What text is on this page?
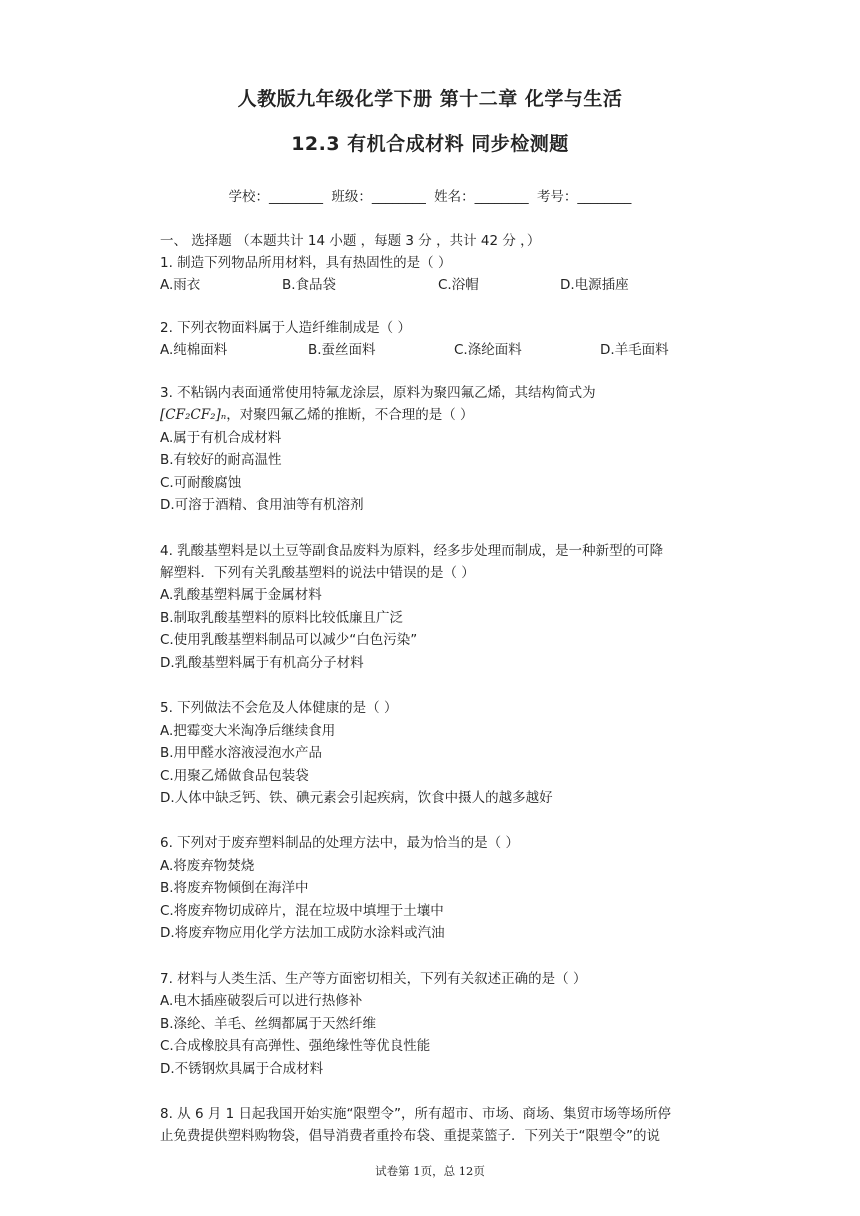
人教版九年级化学下册 第十二章 化学与生活
12.3 有机合成材料 同步检测题
学校：________ 班级：________ 姓名：________ 考号：________
一、 选择题 （本题共计 14 小题 ，每题 3 分 ，共计 42 分 ，）
1. 制造下列物品所用材料，具有热固性的是（ ）
A.雨衣	B.食品袋	C.浴帽	D.电源插座
2. 下列衣物面料属于人造纤维制成是（ ）
A.纯棉面料	B.蚕丝面料	C.涤纶面料	D.羊毛面料
3. 不粘锅内表面通常使用特氟龙涂层，原料为聚四氟乙烯，其结构简式为
[CF₂CF₂]ₙ，对聚四氟乙烯的推断，不合理的是（ ）
A.属于有机合成材料
B.有较好的耐高温性
C.可耐酸腐蚀
D.可溶于酒精、食用油等有机溶剂
4. 乳酸基塑料是以土豆等副食品废料为原料，经多步处理而制成，是一种新型的可降
解塑料．下列有关乳酸基塑料的说法中错误的是（ ）
A.乳酸基塑料属于金属材料
B.制取乳酸基塑料的原料比较低廉且广泛
C.使用乳酸基塑料制品可以减少“白色污染”
D.乳酸基塑料属于有机高分子材料
5. 下列做法不会危及人体健康的是（ ）
A.把霉变大米淘净后继续食用
B.用甲醛水溶液浸泡水产品
C.用聚乙烯做食品包装袋
D.人体中缺乏钙、铁、碘元素会引起疾病，饮食中摄人的越多越好
6. 下列对于废弃塑料制品的处理方法中，最为恰当的是（ ）
A.将废弃物焚烧
B.将废弃物倾倒在海洋中
C.将废弃物切成碎片，混在垃圾中填埋于土壤中
D.将废弃物应用化学方法加工成防水涂料或汽油
7. 材料与人类生活、生产等方面密切相关，下列有关叙述正确的是（ ）
A.电木插座破裂后可以进行热修补
B.涤纶、羊毛、丝绸都属于天然纤维
C.合成橡胶具有高弹性、强绝缘性等优良性能
D.不锈钢炊具属于合成材料
8. 从 6 月 1 日起我国开始实施“限塑令”，所有超市、市场、商场、集贸市场等场所停
止免费提供塑料购物袋，倡导消费者重拎布袋、重提菜篮子．下列关于“限塑令”的说
试卷第 1页，总 12页
